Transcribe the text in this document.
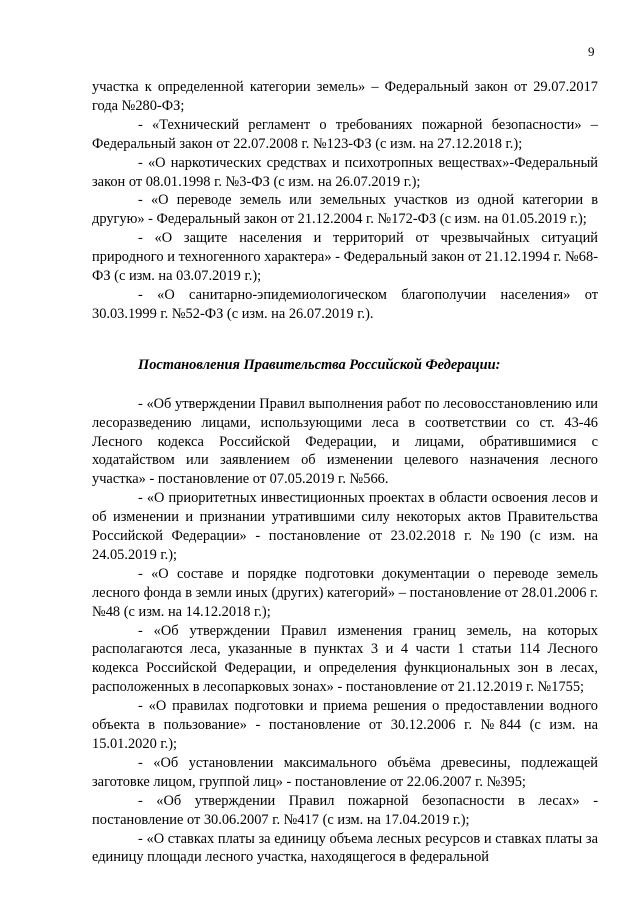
9

участка к определенной категории земель» – Федеральный закон от 29.07.2017 года №280-ФЗ;

- «Технический регламент о требованиях пожарной безопасности» – Федеральный закон от 22.07.2008 г. №123-ФЗ (с изм. на 27.12.2018 г.);

- «О наркотических средствах и психотропных веществах»-Федеральный закон от 08.01.1998 г. №3-ФЗ (с изм. на 26.07.2019 г.);

- «О переводе земель или земельных участков из одной категории в другую» - Федеральный закон от 21.12.2004 г. №172-ФЗ (с изм. на 01.05.2019 г.);

- «О защите населения и территорий от чрезвычайных ситуаций природного и техногенного характера» - Федеральный закон от 21.12.1994 г. №68-ФЗ (с изм. на 03.07.2019 г.);

- «О санитарно-эпидемиологическом благополучии населения» от 30.03.1999 г. №52-ФЗ (с изм. на 26.07.2019 г.).

Постановления Правительства Российской Федерации:

- «Об утверждении Правил выполнения работ по лесовосстановлению или лесоразведению лицами, использующими леса в соответствии со ст. 43-46 Лесного кодекса Российской Федерации, и лицами, обратившимися с ходатайством или заявлением об изменении целевого назначения лесного участка» - постановление от 07.05.2019 г. №566.

- «О приоритетных инвестиционных проектах в области освоения лесов и об изменении и признании утратившими силу некоторых актов Правительства Российской Федерации» - постановление от 23.02.2018 г. №190 (с изм. на 24.05.2019 г.);

- «О составе и порядке подготовки документации о переводе земель лесного фонда в земли иных (других) категорий» – постановление от 28.01.2006 г. №48 (с изм. на 14.12.2018 г.);

- «Об утверждении Правил изменения границ земель, на которых располагаются леса, указанные в пунктах 3 и 4 части 1 статьи 114 Лесного кодекса Российской Федерации, и определения функциональных зон в лесах, расположенных в лесопарковых зонах» - постановление от 21.12.2019 г. №1755;

- «О правилах подготовки и приема решения о предоставлении водного объекта в пользование» - постановление от 30.12.2006 г. №844 (с изм. на 15.01.2020 г.);

- «Об установлении максимального объёма древесины, подлежащей заготовке лицом, группой лиц» - постановление от 22.06.2007 г. №395;

- «Об утверждении Правил пожарной безопасности в лесах» - постановление от 30.06.2007 г. №417 (с изм. на 17.04.2019 г.);

- «О ставках платы за единицу объема лесных ресурсов и ставках платы за единицу площади лесного участка, находящегося в федеральной
